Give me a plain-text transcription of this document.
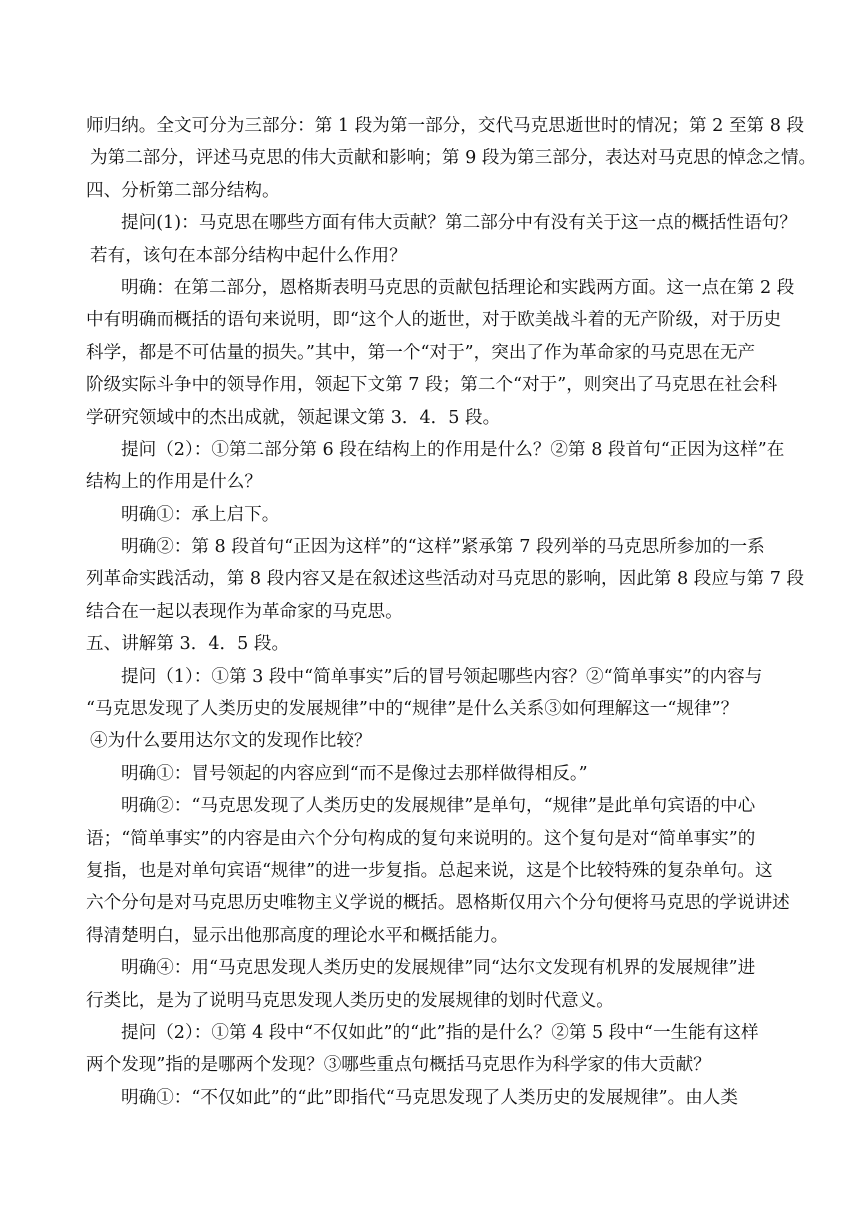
师归纳。全文可分为三部分：第 1 段为第一部分，交代马克思逝世时的情况；第 2 至第 8 段
为第二部分，评述马克思的伟大贡献和影响；第 9 段为第三部分，表达对马克思的悼念之情。
四、分析第二部分结构。
提问(1)：马克思在哪些方面有伟大贡献？第二部分中有没有关于这一点的概括性语句？
若有，该句在本部分结构中起什么作用？
明确：在第二部分，恩格斯表明马克思的贡献包括理论和实践两方面。这一点在第 2 段
中有明确而概括的语句来说明，即“这个人的逝世，对于欧美战斗着的无产阶级，对于历史
科学，都是不可估量的损失。”其中，第一个“对于”，突出了作为革命家的马克思在无产
阶级实际斗争中的领导作用，领起下文第 7 段；第二个“对于”，则突出了马克思在社会科
学研究领域中的杰出成就，领起课文第 3．4．5 段。
提问（2）：①第二部分第 6 段在结构上的作用是什么？②第 8 段首句“正因为这样”在
结构上的作用是什么？
明确①：承上启下。
明确②：第 8 段首句“正因为这样”的“这样”紧承第 7 段列举的马克思所参加的一系
列革命实践活动，第 8 段内容又是在叙述这些活动对马克思的影响，因此第 8 段应与第 7 段
结合在一起以表现作为革命家的马克思。
五、讲解第 3．4．5 段。
提问（1）：①第 3 段中“简单事实”后的冒号领起哪些内容？②“简单事实”的内容与
“马克思发现了人类历史的发展规律”中的“规律”是什么关系③如何理解这一“规律”？
④为什么要用达尔文的发现作比较？
明确①：冒号领起的内容应到“而不是像过去那样做得相反。”
明确②：“马克思发现了人类历史的发展规律”是单句，“规律”是此单句宾语的中心
语；“简单事实”的内容是由六个分句构成的复句来说明的。这个复句是对“简单事实”的
复指，也是对单句宾语“规律”的进一步复指。总起来说，这是个比较特殊的复杂单句。这
六个分句是对马克思历史唯物主义学说的概括。恩格斯仅用六个分句便将马克思的学说讲述
得清楚明白，显示出他那高度的理论水平和概括能力。
明确④：用“马克思发现人类历史的发展规律”同“达尔文发现有机界的发展规律”进
行类比，是为了说明马克思发现人类历史的发展规律的划时代意义。
提问（2）：①第 4 段中“不仅如此”的“此”指的是什么？②第 5 段中“一生能有这样
两个发现”指的是哪两个发现？③哪些重点句概括马克思作为科学家的伟大贡献？
明确①：“不仅如此”的“此”即指代“马克思发现了人类历史的发展规律”。由人类
